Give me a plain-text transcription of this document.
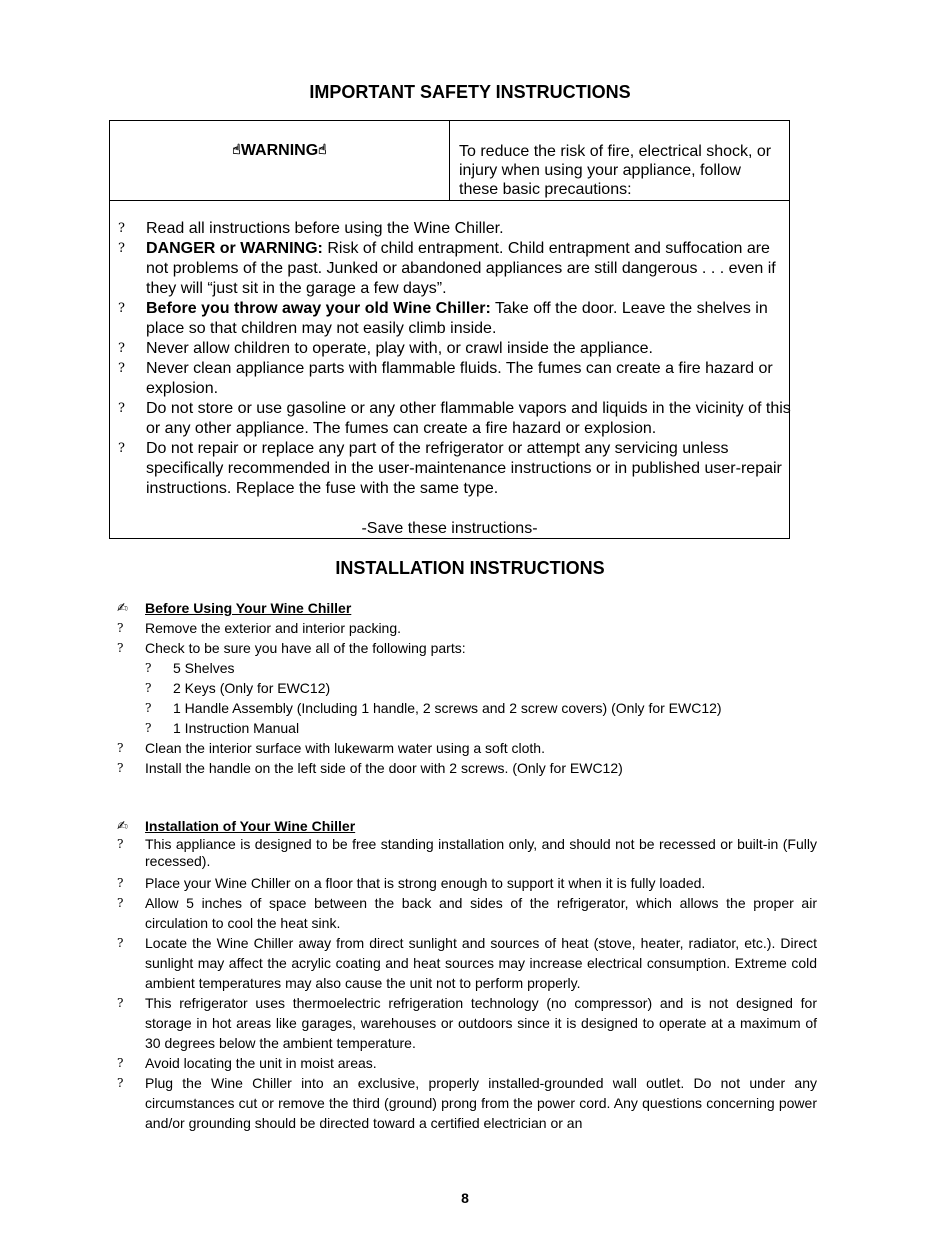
IMPORTANT SAFETY INSTRUCTIONS
☝︎WARNING☝︎	To reduce the risk of fire, electrical shock, or injury when using your appliance, follow these basic precautions:
? Read all instructions before using the Wine Chiller.
? DANGER or WARNING: Risk of child entrapment. Child entrapment and suffocation are not problems of the past. Junked or abandoned appliances are still dangerous . . . even if they will “just sit in the garage a few days”.
? Before you throw away your old Wine Chiller: Take off the door. Leave the shelves in place so that children may not easily climb inside.
? Never allow children to operate, play with, or crawl inside the appliance.
? Never clean appliance parts with flammable fluids. The fumes can create a fire hazard or explosion.
? Do not store or use gasoline or any other flammable vapors and liquids in the vicinity of this or any other appliance. The fumes can create a fire hazard or explosion.
? Do not repair or replace any part of the refrigerator or attempt any servicing unless specifically recommended in the user-maintenance instructions or in published user-repair instructions. Replace the fuse with the same type.
-Save these instructions-
INSTALLATION INSTRUCTIONS
✍︎ Before Using Your Wine Chiller
? Remove the exterior and interior packing.
? Check to be sure you have all of the following parts:
? 5 Shelves
? 2 Keys (Only for EWC12)
? 1 Handle Assembly (Including 1 handle, 2 screws and 2 screw covers) (Only for EWC12)
? 1 Instruction Manual
? Clean the interior surface with lukewarm water using a soft cloth.
? Install the handle on the left side of the door with 2 screws. (Only for EWC12)
✍︎ Installation of Your Wine Chiller
? This appliance is designed to be free standing installation only, and should not be recessed or built-in (Fully recessed).
? Place your Wine Chiller on a floor that is strong enough to support it when it is fully loaded.
? Allow 5 inches of space between the back and sides of the refrigerator, which allows the proper air circulation to cool the heat sink.
? Locate the Wine Chiller away from direct sunlight and sources of heat (stove, heater, radiator, etc.). Direct sunlight may affect the acrylic coating and heat sources may increase electrical consumption. Extreme cold ambient temperatures may also cause the unit not to perform properly.
? This refrigerator uses thermoelectric refrigeration technology (no compressor) and is not designed for storage in hot areas like garages, warehouses or outdoors since it is designed to operate at a maximum of 30 degrees below the ambient temperature.
? Avoid locating the unit in moist areas.
? Plug the Wine Chiller into an exclusive, properly installed-grounded wall outlet. Do not under any circumstances cut or remove the third (ground) prong from the power cord. Any questions concerning power and/or grounding should be directed toward a certified electrician or an
8
